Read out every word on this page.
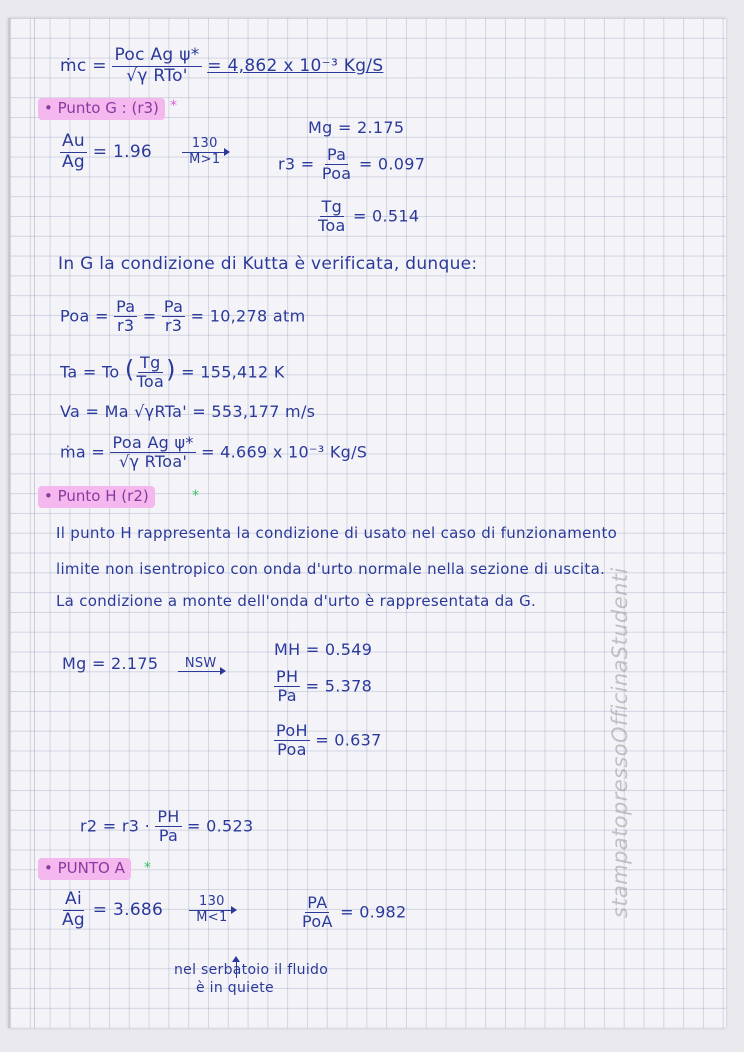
ṁc = $\frac{\text{Poc Ag ψ*}}{\text{√γ RTo'}} = 4,862$ x 10⁻³ Kg/S
• Punto G : (r3) *
Mg = 2.175
$\frac{Au}{Ag} = 1.96 \frac{130}{M>1}$	$r3 = \frac{Pa}{\text{Poa}} = 0.097$
$\frac{Tg}{\text{Toa}} = 0.514$
In G la condizione di Kutta è verificata, dunque:
Poa = $\frac{Pa}{r3} = \frac{Pa}{r3} = 10,278$ atm
Ta = To ( $\frac{Tg}{\text{Toa}}$ ) = 155,412 K
Va = Ma √γRTa' = 553,177 m/s
ṁa = $\frac{\text{Poa Ag ψ*}}{\text{√γ RToa'}} = 4.669$ x 10⁻³ Kg/S
• Punto H (r2)	*
Il punto H rappresenta la condizione di usato nel caso di funzionamento
limite non isentropico con onda d'urto normale nella sezione di uscita.
La condizione a monte dell'onda d'urto è rappresentata da G.
Mg = 2.175 NSW
MH = 0.549
$\frac{PH}{Pa} = 5.378$
$\frac{\text{PoH}}{\text{Poa}} = 0.637$
$r2 = r3 \cdot \frac{PH}{Pa} = 0.523$
• PUNTO A	*
$\frac{Ai}{Ag} = 3.686 \frac{130}{M<1}$	$\frac{PA}{\text{PoA}} = 0.982$
nel serbatoio il fluido
è in quiete
stampatopressoOfficinaStudenti
